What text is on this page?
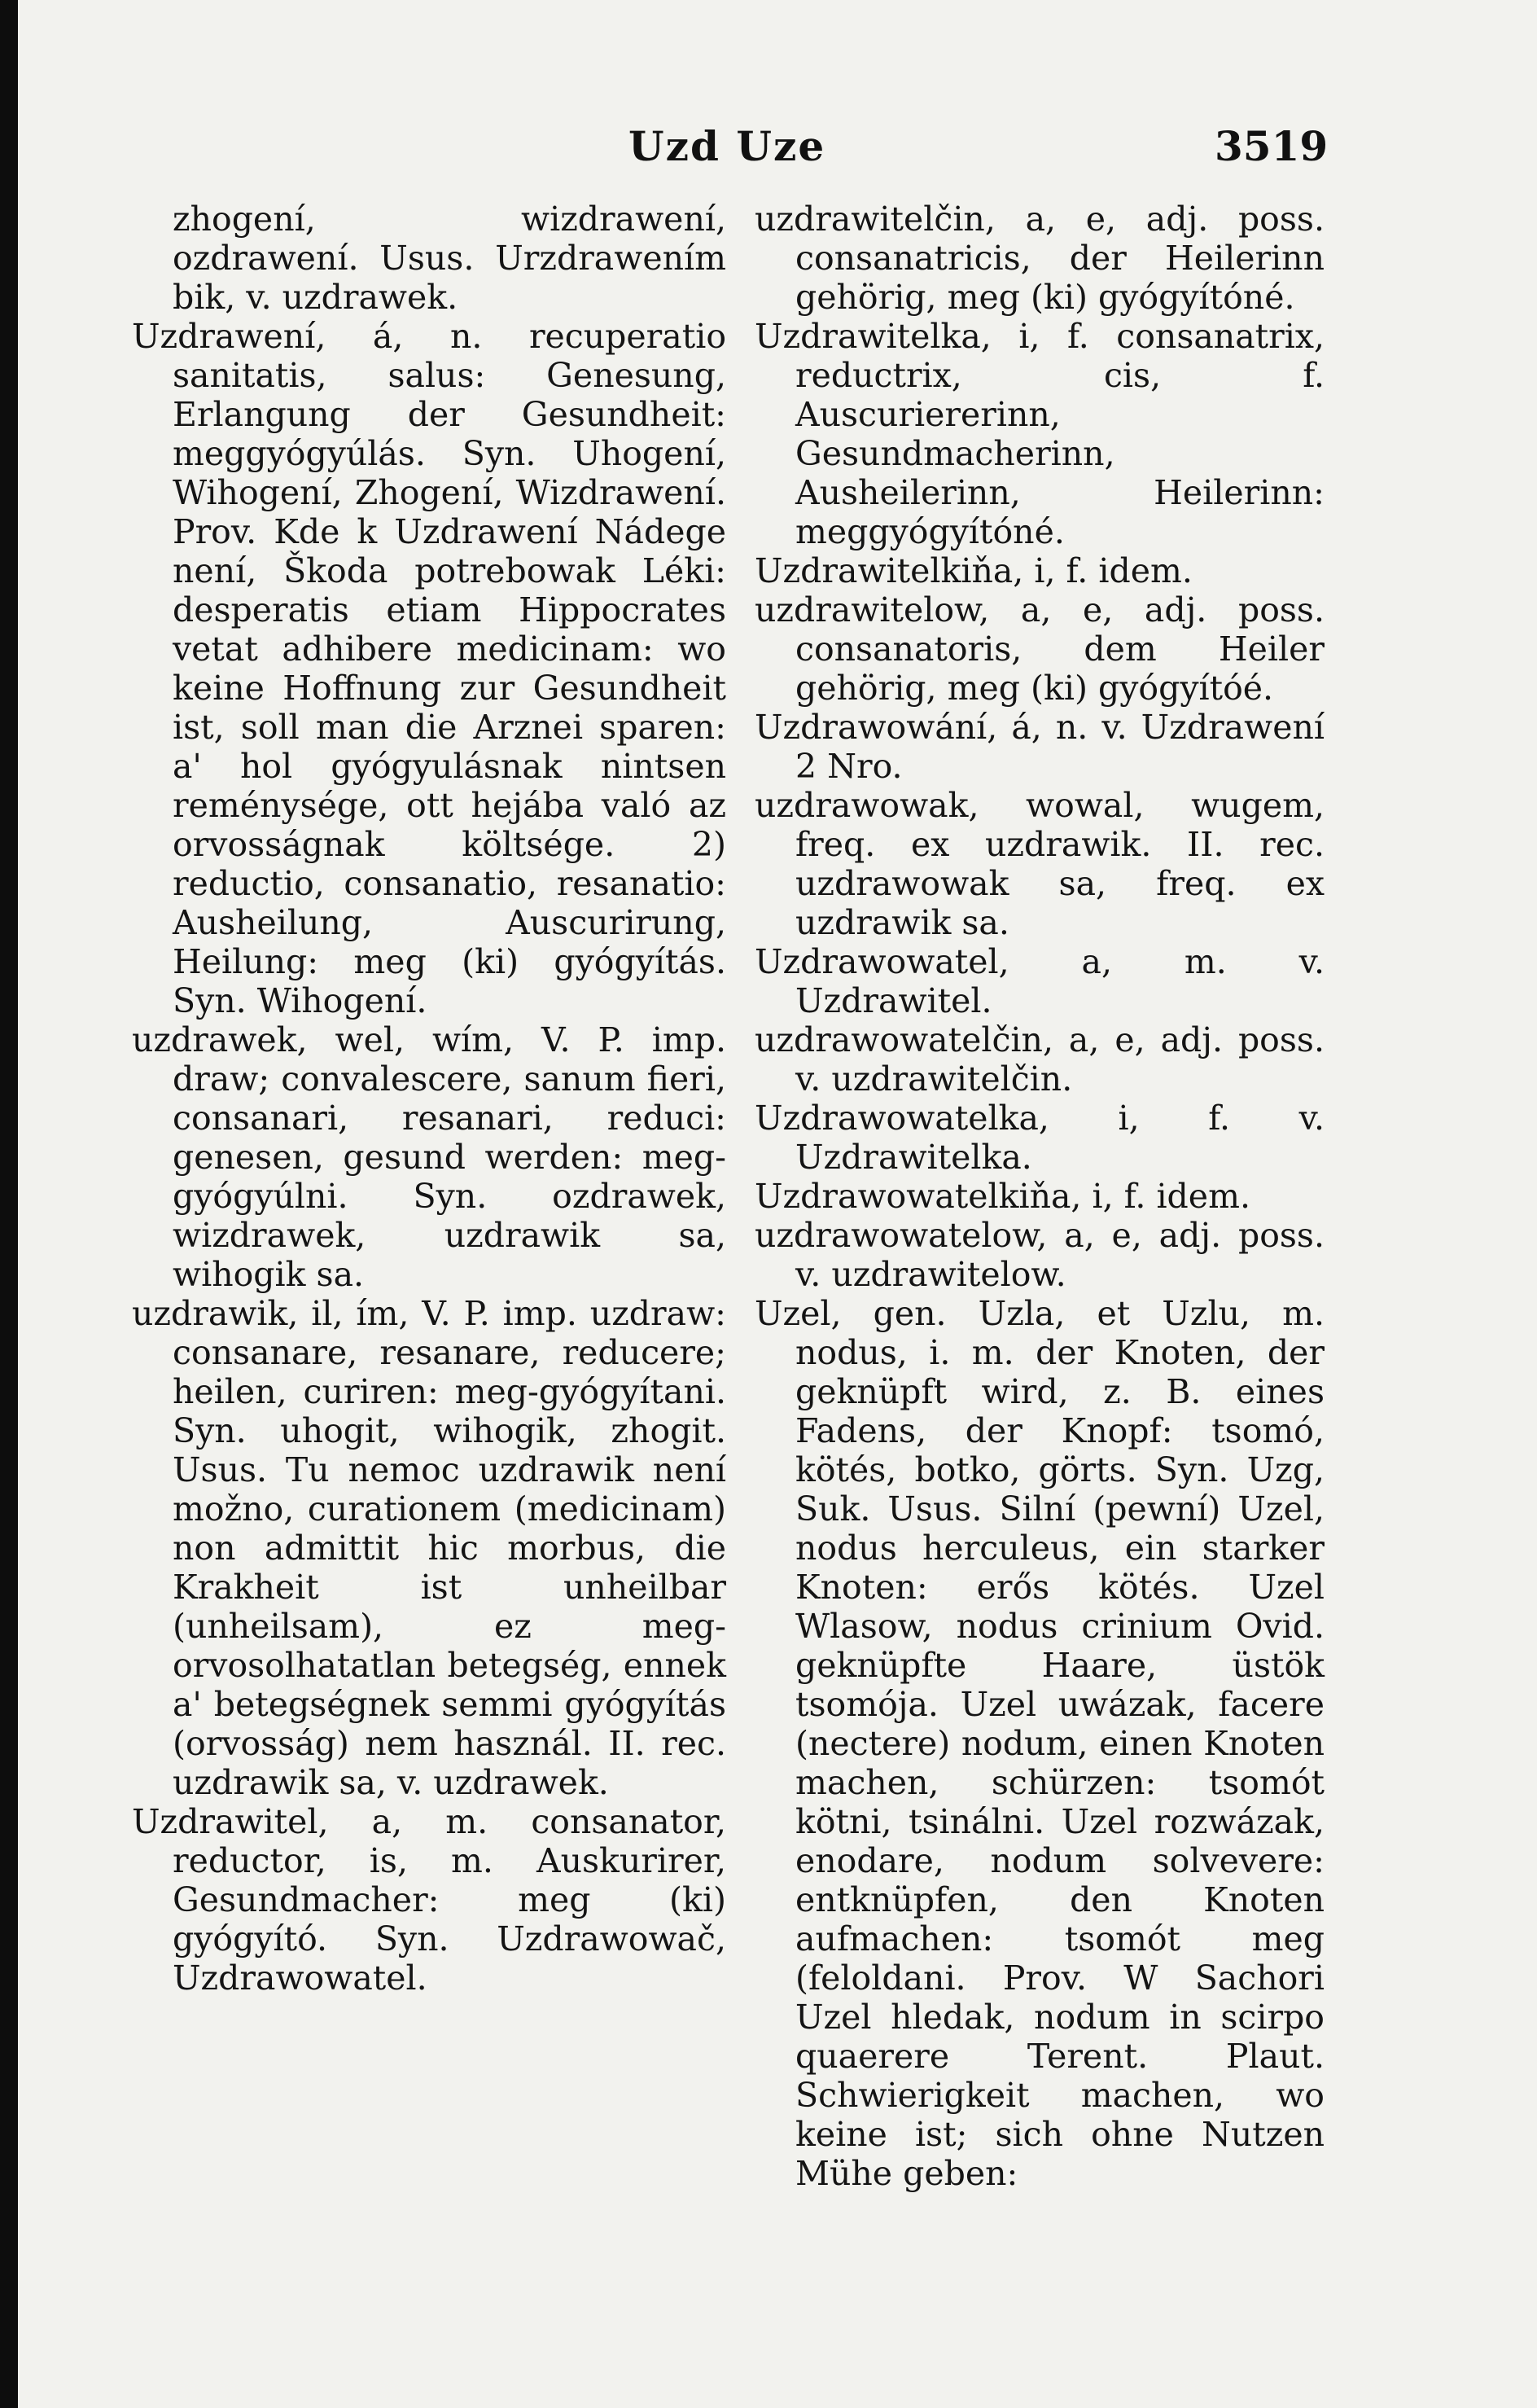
Uzd Uze	3519

zhogení, wizdrawení, ozdrawení. Usus. Urzdrawením bik, v. uzdrawek.

Uzdrawení, á, n. recuperatio sanitatis, salus: Genesung, Erlangung der Gesundheit: meggyógyúlás. Syn. Uhogení, Wihogení, Zhogení, Wizdrawení. Prov. Kde k Uzdrawení Nádege není, Škoda potrebowak Léki: desperatis etiam Hippocrates vetat adhibere medicinam: wo keine Hoffnung zur Gesundheit ist, soll man die Arznei sparen: a' hol gyógyulásnak nintsen reménysége, ott hejába való az orvosságnak költsége. 2) reductio, consanatio, resanatio: Ausheilung, Auscurirung, Heilung: meg (ki) gyógyítás. Syn. Wihogení.

uzdrawek, wel, wím, V. P. imp. draw; convalescere, sanum fieri, consanari, resanari, reduci: genesen, gesund werden: meg-gyógyúlni. Syn. ozdrawek, wizdrawek, uzdrawik sa, wihogik sa.

uzdrawik, il, ím, V. P. imp. uzdraw: consanare, resanare, reducere; heilen, curiren: meg-gyógyítani. Syn. uhogit, wihogik, zhogit. Usus. Tu nemoc uzdrawik není možno, curationem (medicinam) non admittit hic morbus, die Krakheit ist unheilbar (unheilsam), ez meg-orvosolhatatlan betegség, ennek a' betegségnek semmi gyógyítás (orvosság) nem használ. II. rec. uzdrawik sa, v. uzdrawek.

Uzdrawitel, a, m. consanator, reductor, is, m. Auskurirer, Gesundmacher: meg (ki) gyógyító. Syn. Uzdrawowač, Uzdrawowatel.

uzdrawitelčin, a, e, adj. poss. consanatricis, der Heilerinn gehörig, meg (ki) gyógyítóné.

Uzdrawitelka, i, f. consanatrix, reductrix, cis, f. Auscuriererinn, Gesundmacherinn, Ausheilerinn, Heilerinn: meggyógyítóné.

Uzdrawitelkiňa, i, f. idem.

uzdrawitelow, a, e, adj. poss. consanatoris, dem Heiler gehörig, meg (ki) gyógyítóé.

Uzdrawowání, á, n. v. Uzdrawení 2 Nro.

uzdrawowak, wowal, wugem, freq. ex uzdrawik. II. rec. uzdrawowak sa, freq. ex uzdrawik sa.

Uzdrawowatel, a, m. v. Uzdrawitel.

uzdrawowatelčin, a, e, adj. poss. v. uzdrawitelčin.

Uzdrawowatelka, i, f. v. Uzdrawitelka.

Uzdrawowatelkiňa, i, f. idem.

uzdrawowatelow, a, e, adj. poss. v. uzdrawitelow.

Uzel, gen. Uzla, et Uzlu, m. nodus, i. m. der Knoten, der geknüpft wird, z. B. eines Fadens, der Knopf: tsomó, kötés, botko, görts. Syn. Uzg, Suk. Usus. Silní (pewní) Uzel, nodus herculeus, ein starker Knoten: erős kötés. Uzel Wlasow, nodus crinium Ovid. geknüpfte Haare, üstök tsomója. Uzel uwázak, facere (nectere) nodum, einen Knoten machen, schürzen: tsomót kötni, tsinálni. Uzel rozwázak, enodare, nodum solvevere: entknüpfen, den Knoten aufmachen: tsomót meg (feloldani. Prov. W Sachori Uzel hledak, nodum in scirpo quaerere Terent. Plaut. Schwierigkeit machen, wo keine ist; sich ohne Nutzen Mühe geben:
